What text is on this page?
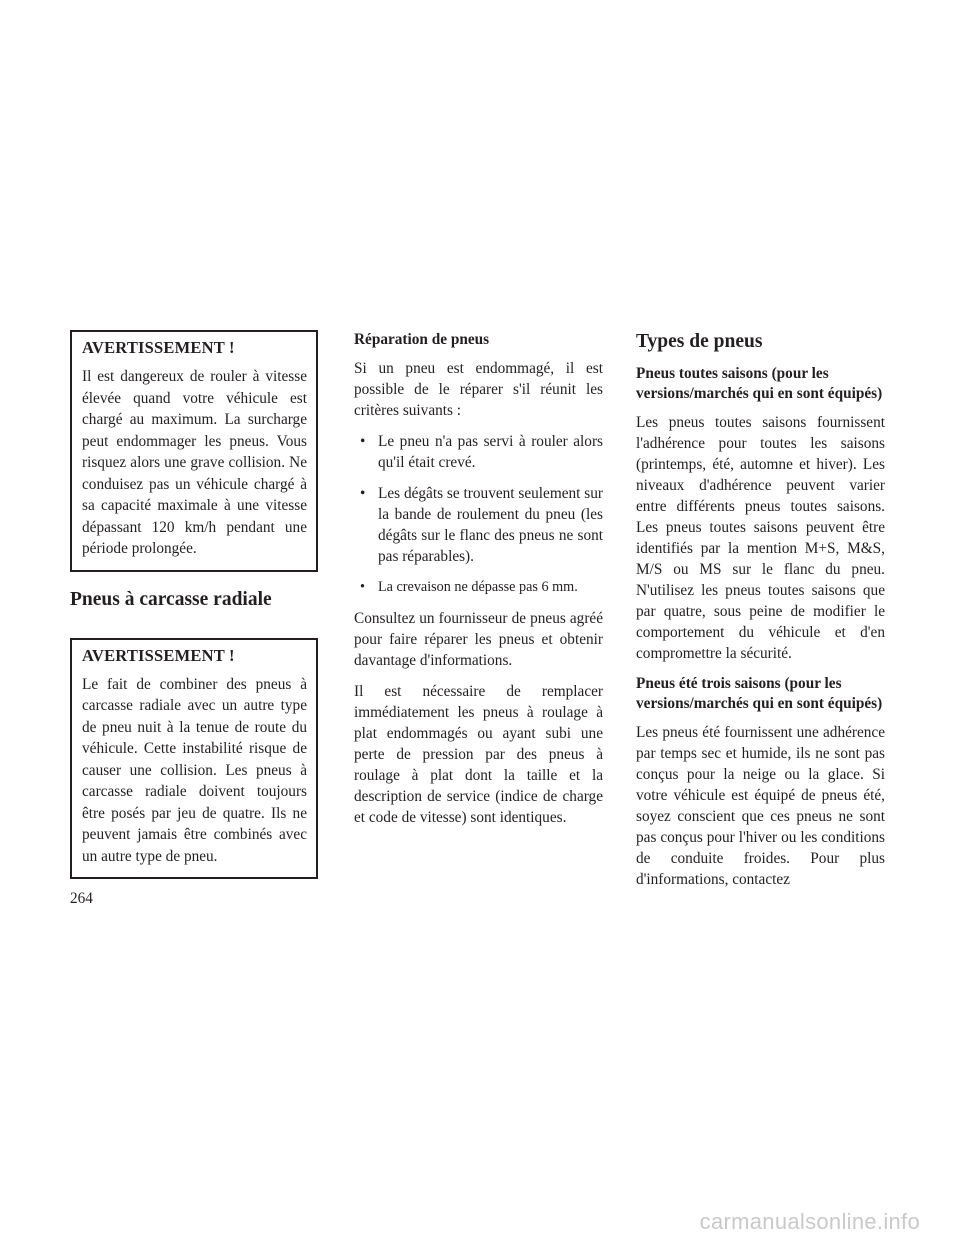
AVERTISSEMENT !

Il est dangereux de rouler à vitesse élevée quand votre véhicule est chargé au maximum. La surcharge peut endommager les pneus. Vous risquez alors une grave collision. Ne conduisez pas un véhicule chargé à sa capacité maximale à une vitesse dépassant 120 km/h pendant une période prolongée.

Pneus à carcasse radiale
AVERTISSEMENT !

Le fait de combiner des pneus à carcasse radiale avec un autre type de pneu nuit à la tenue de route du véhicule. Cette instabilité risque de causer une collision. Les pneus à carcasse radiale doivent toujours être posés par jeu de quatre. Ils ne peuvent jamais être combinés avec un autre type de pneu.

Réparation de pneus

Si un pneu est endommagé, il est possible de le réparer s'il réunit les critères suivants :

• Le pneu n'a pas servi à rouler alors qu'il était crevé.
• Les dégâts se trouvent seulement sur la bande de roulement du pneu (les dégâts sur le flanc des pneus ne sont pas réparables).
• La crevaison ne dépasse pas 6 mm.

Consultez un fournisseur de pneus agréé pour faire réparer les pneus et obtenir davantage d'informations.

Il est nécessaire de remplacer immédiatement les pneus à roulage à plat endommagés ou ayant subi une perte de pression par des pneus à roulage à plat dont la taille et la description de service (indice de charge et code de vitesse) sont identiques.

Types de pneus
Pneus toutes saisons (pour les versions/marchés qui en sont équipés)

Les pneus toutes saisons fournissent l'adhérence pour toutes les saisons (printemps, été, automne et hiver). Les niveaux d'adhérence peuvent varier entre différents pneus toutes saisons. Les pneus toutes saisons peuvent être identifiés par la mention M+S, M&S, M/S ou MS sur le flanc du pneu. N'utilisez les pneus toutes saisons que par quatre, sous peine de modifier le comportement du véhicule et d'en compromettre la sécurité.

Pneus été trois saisons (pour les versions/marchés qui en sont équipés)

Les pneus été fournissent une adhérence par temps sec et humide, ils ne sont pas conçus pour la neige ou la glace. Si votre véhicule est équipé de pneus été, soyez conscient que ces pneus ne sont pas conçus pour l'hiver ou les conditions de conduite froides. Pour plus d'informations, contactez

264
carmanualsonline.info
